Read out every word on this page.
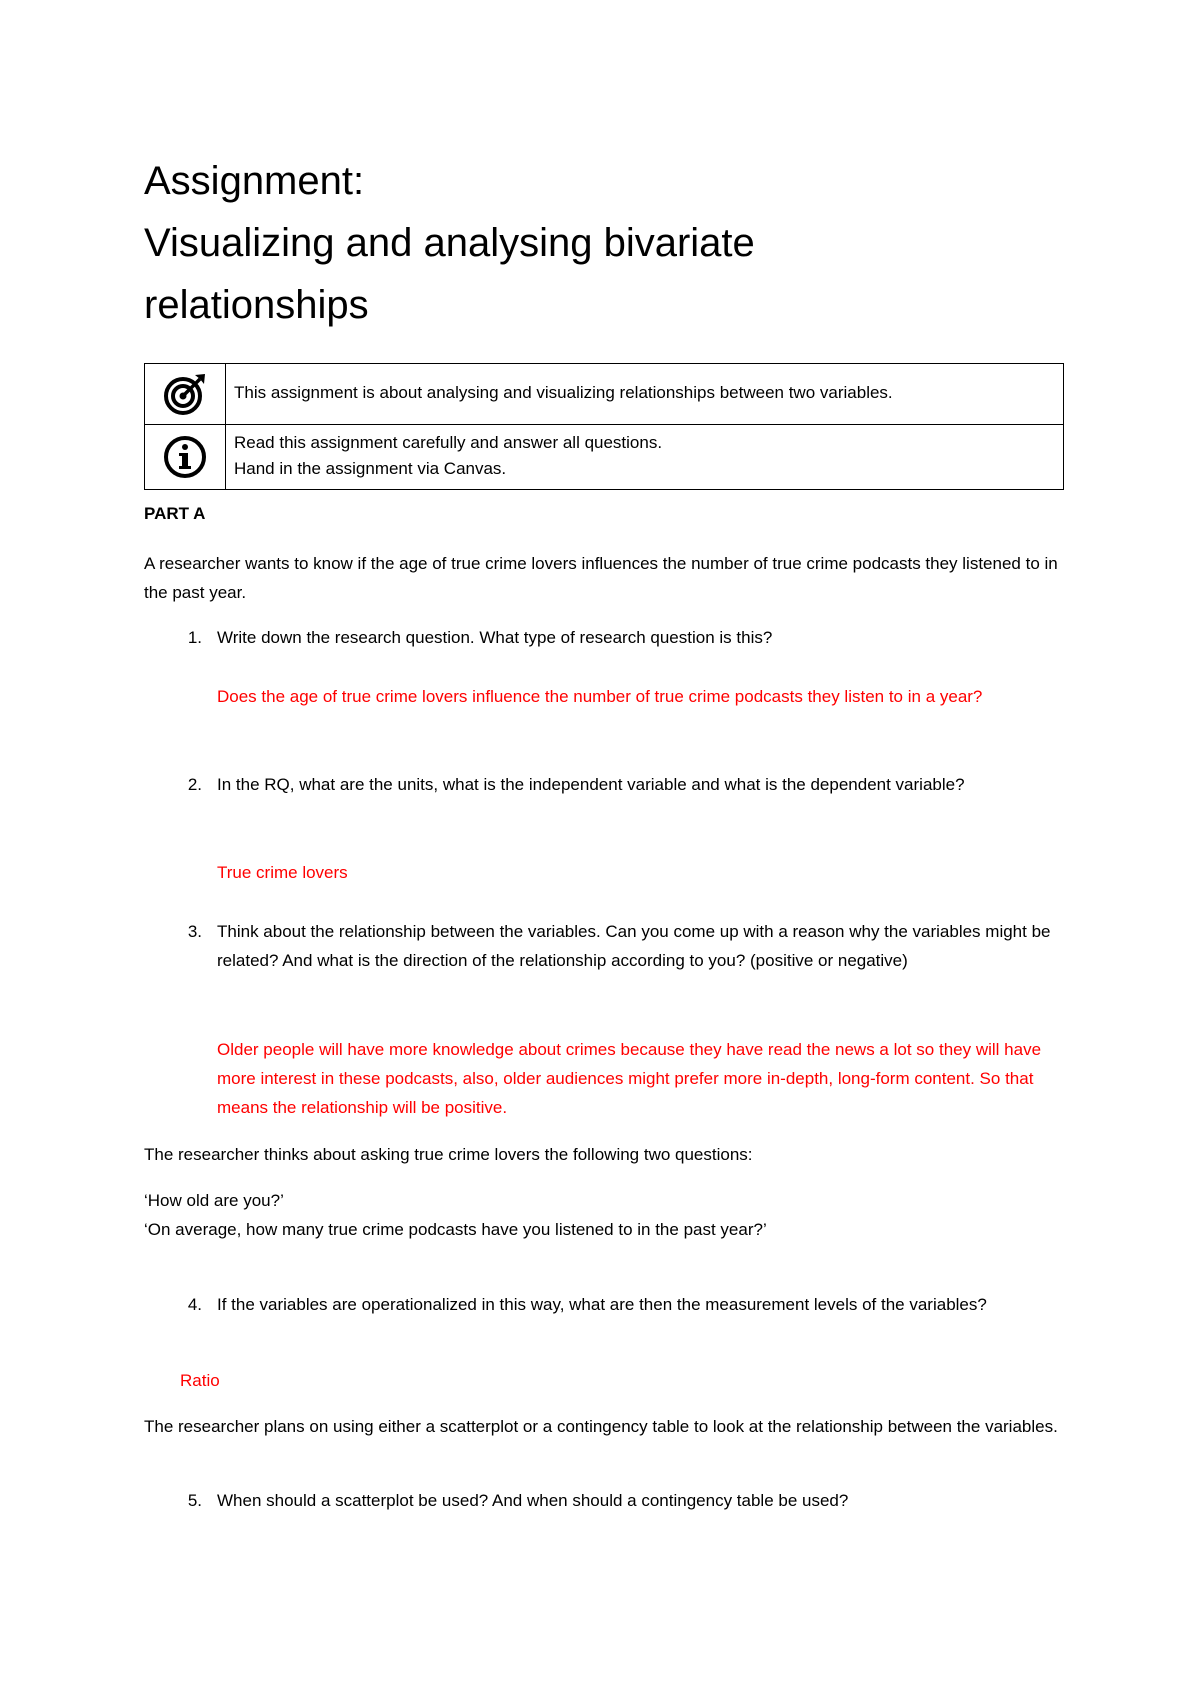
Assignment:
Visualizing and analysing bivariate
relationships
	This assignment is about analysing and visualizing relationships between two variables.

Read this assignment carefully and answer all questions.
Hand in the assignment via Canvas.

PART A

A researcher wants to know if the age of true crime lovers influences the number of true crime podcasts they listened to in the past year.

1. Write down the research question. What type of research question is this?

Does the age of true crime lovers influence the number of true crime podcasts they listen to in a year?

2. In the RQ, what are the units, what is the independent variable and what is the dependent variable?

True crime lovers

3. Think about the relationship between the variables. Can you come up with a reason why the variables might be related? And what is the direction of the relationship according to you? (positive or negative)

Older people will have more knowledge about crimes because they have read the news a lot so they will have more interest in these podcasts, also, older audiences might prefer more in-depth, long-form content. So that means the relationship will be positive.

The researcher thinks about asking true crime lovers the following two questions:

‘How old are you?’
‘On average, how many true crime podcasts have you listened to in the past year?’

4. If the variables are operationalized in this way, what are then the measurement levels of the variables?

Ratio

The researcher plans on using either a scatterplot or a contingency table to look at the relationship between the variables.

5. When should a scatterplot be used? And when should a contingency table be used?
